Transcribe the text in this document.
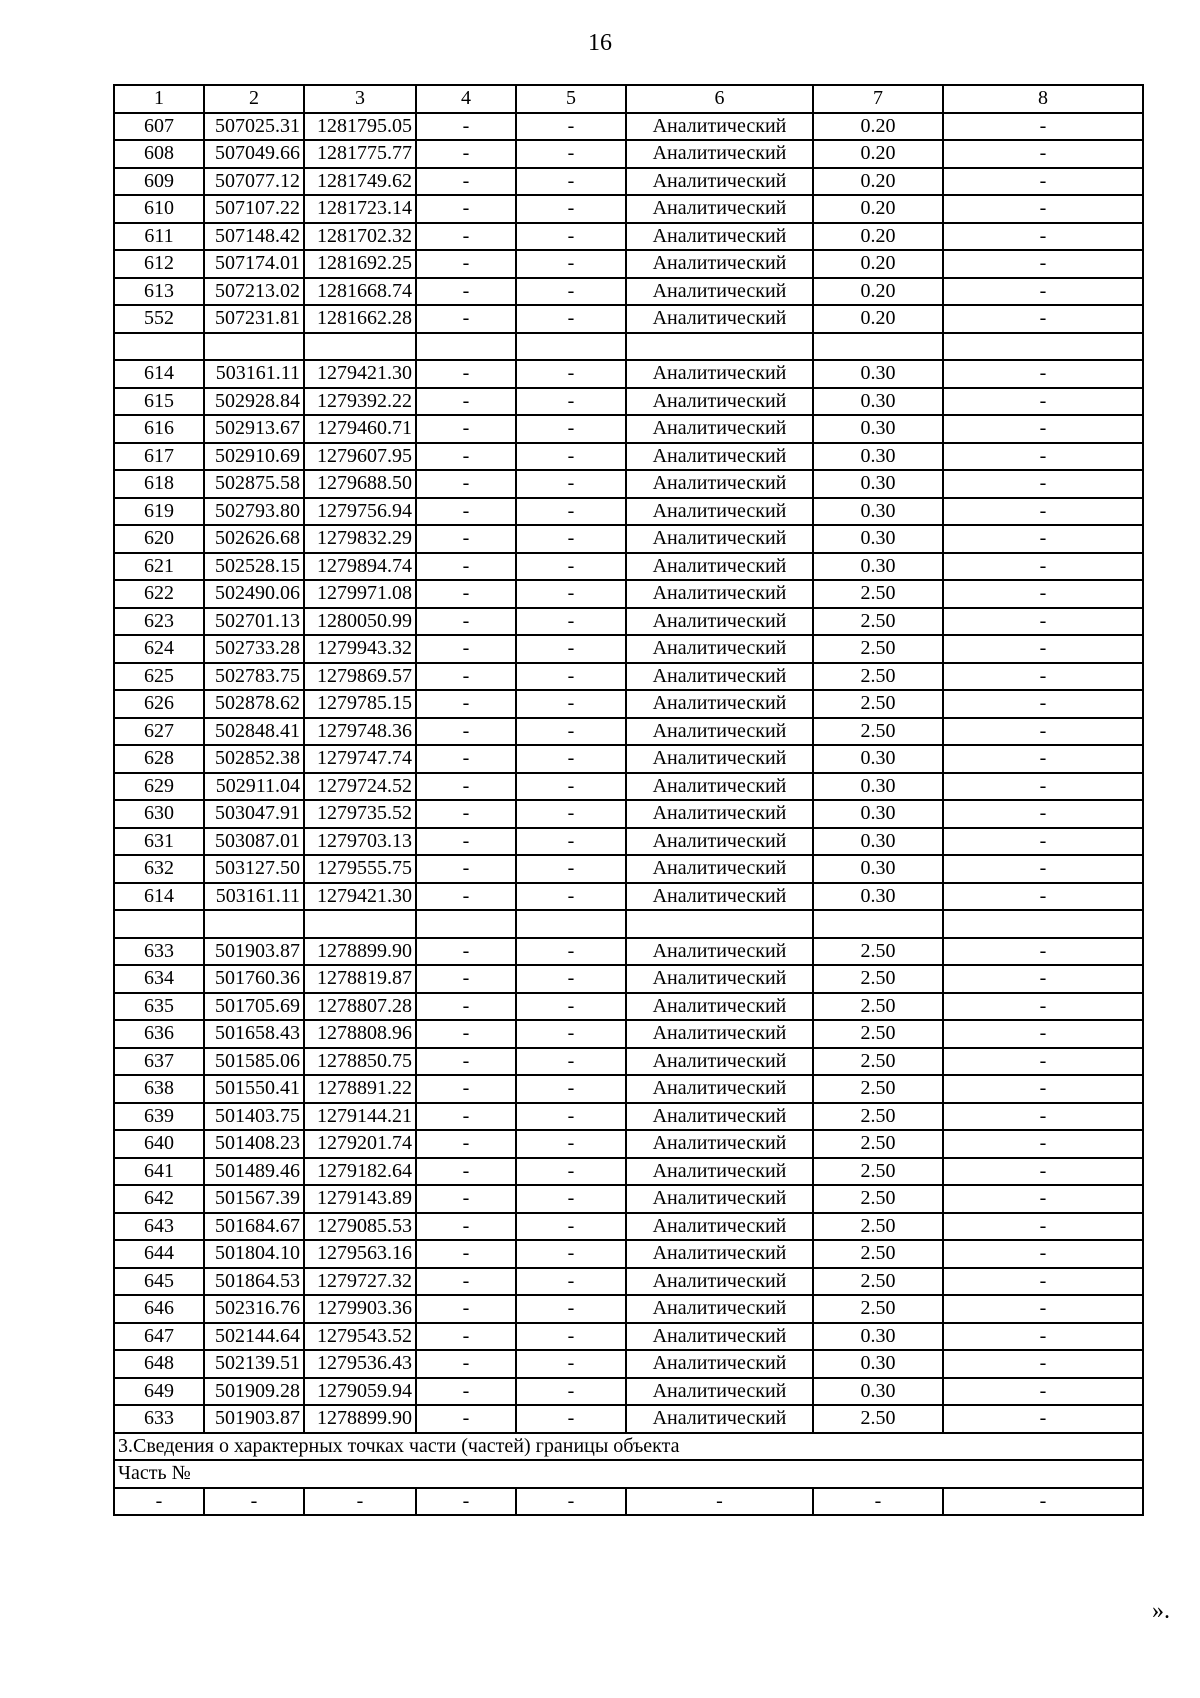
16
1	2	3	4	5	6	7	8
607	507025.31	1281795.05	-	-	Аналитический	0.20	-
608	507049.66	1281775.77	-	-	Аналитический	0.20	-
609	507077.12	1281749.62	-	-	Аналитический	0.20	-
610	507107.22	1281723.14	-	-	Аналитический	0.20	-
611	507148.42	1281702.32	-	-	Аналитический	0.20	-
612	507174.01	1281692.25	-	-	Аналитический	0.20	-
613	507213.02	1281668.74	-	-	Аналитический	0.20	-
552	507231.81	1281662.28	-	-	Аналитический	0.20	-

614	503161.11	1279421.30	-	-	Аналитический	0.30	-
615	502928.84	1279392.22	-	-	Аналитический	0.30	-
616	502913.67	1279460.71	-	-	Аналитический	0.30	-
617	502910.69	1279607.95	-	-	Аналитический	0.30	-
618	502875.58	1279688.50	-	-	Аналитический	0.30	-
619	502793.80	1279756.94	-	-	Аналитический	0.30	-
620	502626.68	1279832.29	-	-	Аналитический	0.30	-
621	502528.15	1279894.74	-	-	Аналитический	0.30	-
622	502490.06	1279971.08	-	-	Аналитический	2.50	-
623	502701.13	1280050.99	-	-	Аналитический	2.50	-
624	502733.28	1279943.32	-	-	Аналитический	2.50	-
625	502783.75	1279869.57	-	-	Аналитический	2.50	-
626	502878.62	1279785.15	-	-	Аналитический	2.50	-
627	502848.41	1279748.36	-	-	Аналитический	2.50	-
628	502852.38	1279747.74	-	-	Аналитический	0.30	-
629	502911.04	1279724.52	-	-	Аналитический	0.30	-
630	503047.91	1279735.52	-	-	Аналитический	0.30	-
631	503087.01	1279703.13	-	-	Аналитический	0.30	-
632	503127.50	1279555.75	-	-	Аналитический	0.30	-
614	503161.11	1279421.30	-	-	Аналитический	0.30	-

633	501903.87	1278899.90	-	-	Аналитический	2.50	-
634	501760.36	1278819.87	-	-	Аналитический	2.50	-
635	501705.69	1278807.28	-	-	Аналитический	2.50	-
636	501658.43	1278808.96	-	-	Аналитический	2.50	-
637	501585.06	1278850.75	-	-	Аналитический	2.50	-
638	501550.41	1278891.22	-	-	Аналитический	2.50	-
639	501403.75	1279144.21	-	-	Аналитический	2.50	-
640	501408.23	1279201.74	-	-	Аналитический	2.50	-
641	501489.46	1279182.64	-	-	Аналитический	2.50	-
642	501567.39	1279143.89	-	-	Аналитический	2.50	-
643	501684.67	1279085.53	-	-	Аналитический	2.50	-
644	501804.10	1279563.16	-	-	Аналитический	2.50	-
645	501864.53	1279727.32	-	-	Аналитический	2.50	-
646	502316.76	1279903.36	-	-	Аналитический	2.50	-
647	502144.64	1279543.52	-	-	Аналитический	0.30	-
648	502139.51	1279536.43	-	-	Аналитический	0.30	-
649	501909.28	1279059.94	-	-	Аналитический	0.30	-
633	501903.87	1278899.90	-	-	Аналитический	2.50	-
3.Сведения о характерных точках части (частей) границы объекта							
Часть №							
-	-	-	-	-	-	-	-
».
